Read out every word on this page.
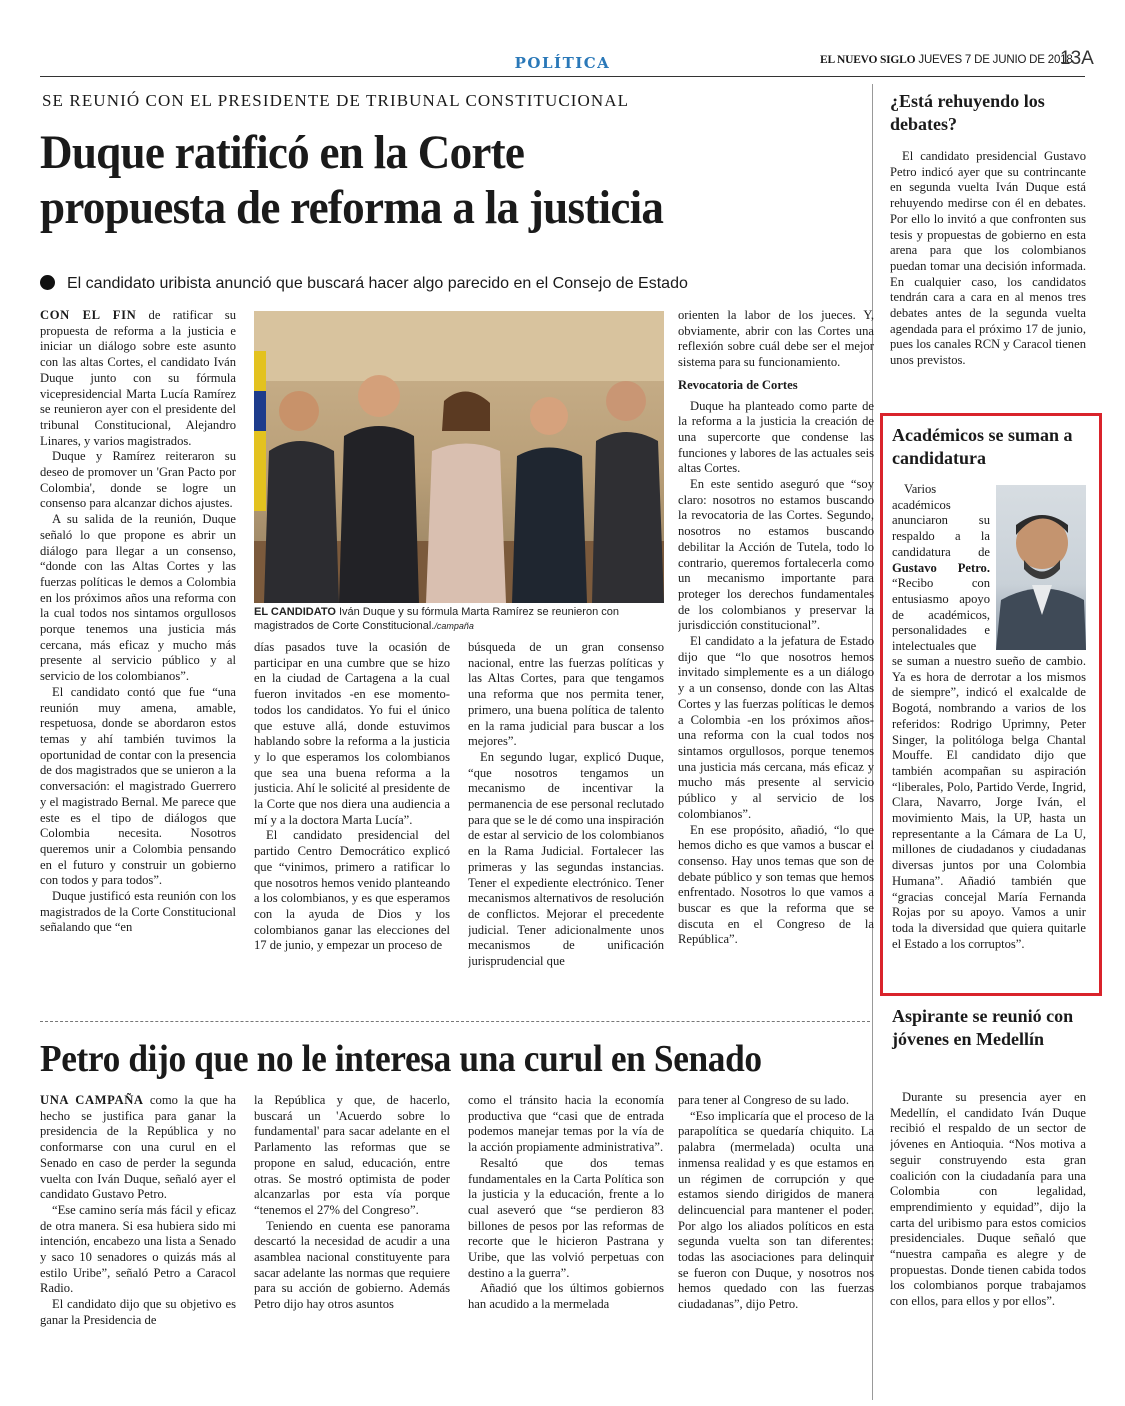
POLÍTICA	EL NUEVO SIGLO JUEVES 7 DE JUNIO DE 2018
13A
SE REUNIÓ CON EL PRESIDENTE DE TRIBUNAL CONSTITUCIONAL
Duque ratificó en la Corte
propuesta de reforma a la justicia
El candidato uribista anunció que buscará hacer algo parecido en el Consejo de Estado

CON EL FIN de ratificar su propuesta de reforma a la justicia e iniciar un diálogo sobre este asunto con las altas Cortes, el candidato Iván Duque junto con su fórmula vicepresidencial Marta Lucía Ramírez se reunieron ayer con el presidente del tribunal Constitucional, Alejandro Linares, y varios magistrados.

Duque y Ramírez reiteraron su deseo de promover un 'Gran Pacto por Colombia', donde se logre un consenso para alcanzar dichos ajustes.

A su salida de la reunión, Duque señaló lo que propone es abrir un diálogo para llegar a un consenso, “donde con las Altas Cortes y las fuerzas políticas le demos a Colombia en los próximos años una reforma con la cual todos nos sintamos orgullosos porque tenemos una justicia más cercana, más eficaz y mucho más presente al servicio público y al servicio de los colombianos”.

El candidato contó que fue “una reunión muy amena, amable, respetuosa, donde se abordaron estos temas y ahí también tuvimos la oportunidad de contar con la presencia de dos magistrados que se unieron a la conversación: el magistrado Guerrero y el magistrado Bernal. Me parece que este es el tipo de diálogos que Colombia necesita. Nosotros queremos unir a Colombia pensando en el futuro y construir un gobierno con todos y para todos”.

Duque justificó esta reunión con los magistrados de la Corte Constitucional señalando que “en

EL CANDIDATO Iván Duque y su fórmula Marta Ramírez se reunieron con magistrados de Corte Constitucional./campaña

días pasados tuve la ocasión de participar en una cumbre que se hizo en la ciudad de Cartagena a la cual fueron invitados -en ese momento- todos los candidatos. Yo fui el único que estuve allá, donde estuvimos hablando sobre la reforma a la justicia y lo que esperamos los colombianos que sea una buena reforma a la justicia. Ahí le solicité al presidente de la Corte que nos diera una audiencia a mí y a la doctora Marta Lucía”.

El candidato presidencial del partido Centro Democrático explicó que “vinimos, primero a ratificar lo que nosotros hemos venido planteando a los colombianos, y es que esperamos con la ayuda de Dios y los colombianos ganar las elecciones del 17 de junio, y empezar un proceso de

búsqueda de un gran consenso nacional, entre las fuerzas políticas y las Altas Cortes, para que tengamos una reforma que nos permita tener, primero, una buena política de talento en la rama judicial para buscar a los mejores”.

En segundo lugar, explicó Duque, “que nosotros tengamos un mecanismo de incentivar la permanencia de ese personal reclutado para que se le dé como una inspiración de estar al servicio de los colombianos en la Rama Judicial. Fortalecer las primeras y las segundas instancias. Tener el expediente electrónico. Tener mecanismos alternativos de resolución de conflictos. Mejorar el precedente judicial. Tener adicionalmente unos mecanismos de unificación jurisprudencial que

orienten la labor de los jueces. Y, obviamente, abrir con las Cortes una reflexión sobre cuál debe ser el mejor sistema para su funcionamiento.

Revocatoria de Cortes

Duque ha planteado como parte de la reforma a la justicia la creación de una supercorte que condense las funciones y labores de las actuales seis altas Cortes.

En este sentido aseguró que “soy claro: nosotros no estamos buscando la revocatoria de las Cortes. Segundo, nosotros no estamos buscando debilitar la Acción de Tutela, todo lo contrario, queremos fortalecerla como un mecanismo importante para proteger los derechos fundamentales de los colombianos y preservar la jurisdicción constitucional”.

El candidato a la jefatura de Estado dijo que “lo que nosotros hemos invitado simplemente es a un diálogo y a un consenso, donde con las Altas Cortes y las fuerzas políticas le demos a Colombia -en los próximos años- una reforma con la cual todos nos sintamos orgullosos, porque tenemos una justicia más cercana, más eficaz y mucho más presente al servicio público y al servicio de los colombianos”.

En ese propósito, añadió, “lo que hemos dicho es que vamos a buscar el consenso. Hay unos temas que son de debate público y son temas que hemos enfrentado. Nosotros lo que vamos a buscar es que la reforma que se discuta en el Congreso de la República”.

Petro dijo que no le interesa una curul en Senado

UNA CAMPAÑA como la que ha hecho se justifica para ganar la presidencia de la República y no conformarse con una curul en el Senado en caso de perder la segunda vuelta con Iván Duque, señaló ayer el candidato Gustavo Petro.

“Ese camino sería más fácil y eficaz de otra manera. Si esa hubiera sido mi intención, encabezo una lista a Senado y saco 10 senadores o quizás más al estilo Uribe”, señaló Petro a Caracol Radio.

El candidato dijo que su objetivo es ganar la Presidencia de

la República y que, de hacerlo, buscará un 'Acuerdo sobre lo fundamental' para sacar adelante en el Parlamento las reformas que se propone en salud, educación, entre otras. Se mostró optimista de poder alcanzarlas por esta vía porque “tenemos el 27% del Congreso”.

Teniendo en cuenta ese panorama descartó la necesidad de acudir a una asamblea nacional constituyente para sacar adelante las normas que requiere para su acción de gobierno. Además Petro dijo hay otros asuntos

como el tránsito hacia la economía productiva que “casi que de entrada podemos manejar temas por la vía de la acción propiamente administrativa”.

Resaltó que dos temas fundamentales en la Carta Política son la justicia y la educación, frente a lo cual aseveró que “se perdieron 83 billones de pesos por las reformas de recorte que le hicieron Pastrana y Uribe, que las volvió perpetuas con destino a la guerra”.

Añadió que los últimos gobiernos han acudido a la mermelada

para tener al Congreso de su lado.

“Eso implicaría que el proceso de la parapolítica se quedaría chiquito. La palabra (mermelada) oculta una inmensa realidad y es que estamos en un régimen de corrupción y que estamos siendo dirigidos de manera delincuencial para mantener el poder. Por algo los aliados políticos en esta segunda vuelta son tan diferentes: todas las asociaciones para delinquir se fueron con Duque, y nosotros nos hemos quedado con las fuerzas ciudadanas”, dijo Petro.

¿Está rehuyendo los debates?

El candidato presidencial Gustavo Petro indicó ayer que su contrincante en segunda vuelta Iván Duque está rehuyendo medirse con él en debates. Por ello lo invitó a que confronten sus tesis y propuestas de gobierno en esta arena para que los colombianos puedan tomar una decisión informada. En cualquier caso, los candidatos tendrán cara a cara en al menos tres debates antes de la segunda vuelta agendada para el próximo 17 de junio, pues los canales RCN y Caracol tienen unos previstos.

Académicos se suman a candidatura

Varios académicos anunciaron su respaldo a la candidatura de Gustavo Petro. “Recibo con entusiasmo apoyo de académicos, personalidades e intelectuales que

se suman a nuestro sueño de cambio. Ya es hora de derrotar a los mismos de siempre”, indicó el exalcalde de Bogotá, nombrando a varios de los referidos: Rodrigo Uprimny, Peter Singer, la politóloga belga Chantal Mouffe. El candidato dijo que también acompañan su aspiración “liberales, Polo, Partido Verde, Ingrid, Clara, Navarro, Jorge Iván, el movimiento Mais, la UP, hasta un representante a la Cámara de La U, millones de ciudadanos y ciudadanas diversas juntos por una Colombia Humana”. Añadió también que “gracias concejal María Fernanda Rojas por su apoyo. Vamos a unir toda la diversidad que quiera quitarle el Estado a los corruptos”.

Aspirante se reunió con jóvenes en Medellín

Durante su presencia ayer en Medellín, el candidato Iván Duque recibió el respaldo de un sector de jóvenes en Antioquia. “Nos motiva a seguir construyendo esta gran coalición con la ciudadanía para una Colombia con legalidad, emprendimiento y equidad”, dijo la carta del uribismo para estos comicios presidenciales. Duque señaló que “nuestra campaña es alegre y de propuestas. Donde tienen cabida todos los colombianos porque trabajamos con ellos, para ellos y por ellos”.
